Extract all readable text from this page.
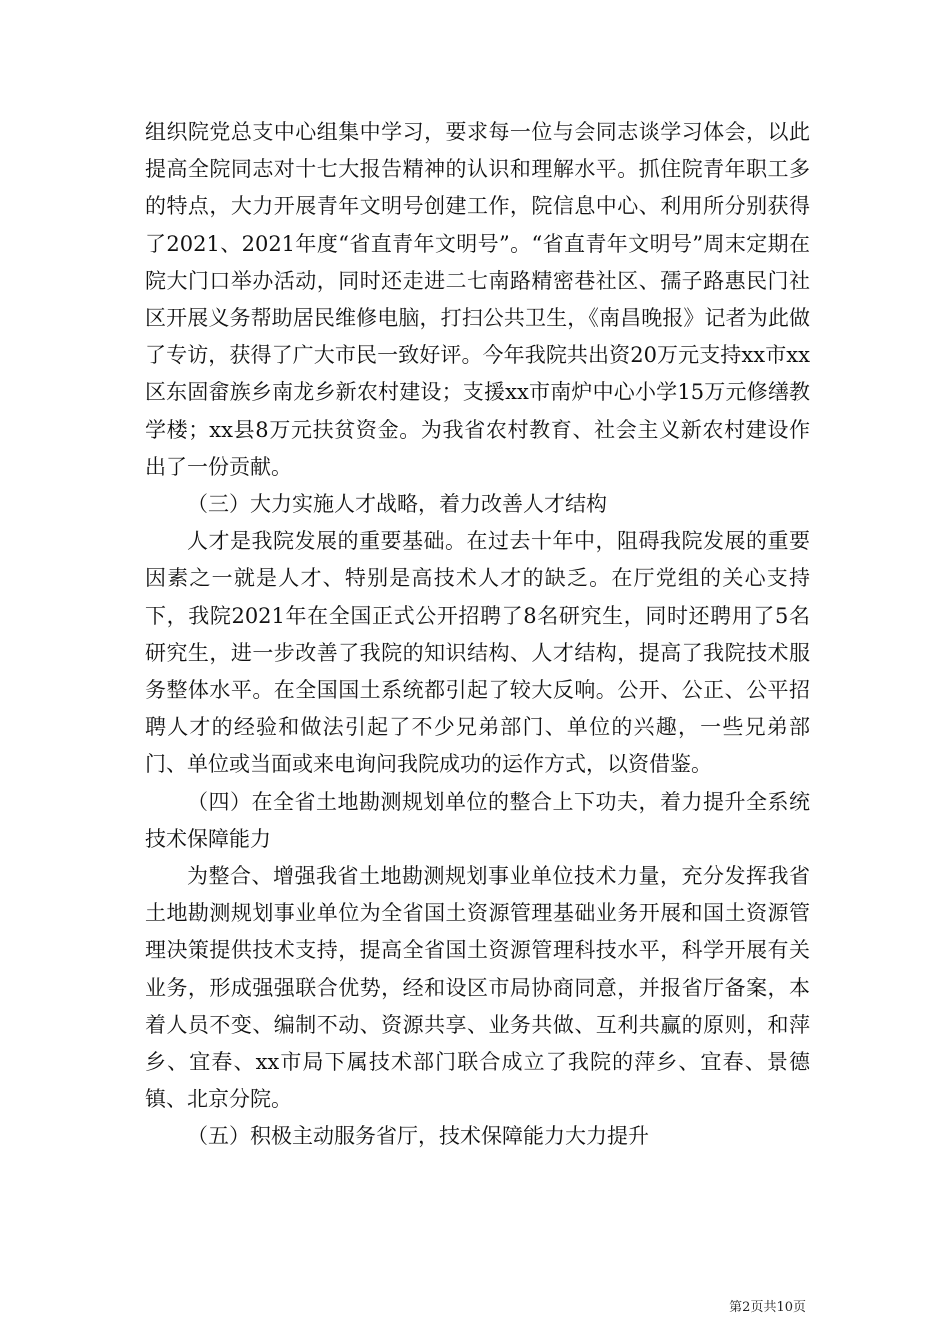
组织院党总支中心组集中学习，要求每一位与会同志谈学习体会，以此提高全院同志对十七大报告精神的认识和理解水平。抓住院青年职工多的特点，大力开展青年文明号创建工作，院信息中心、利用所分别获得了2021、2021年度“省直青年文明号”。“省直青年文明号”周末定期在院大门口举办活动，同时还走进二七南路精密巷社区、孺子路惠民门社区开展义务帮助居民维修电脑，打扫公共卫生，《南昌晚报》记者为此做了专访，获得了广大市民一致好评。今年我院共出资20万元支持xx市xx区东固畲族乡南龙乡新农村建设；支援xx市南炉中心小学15万元修缮教学楼；xx县8万元扶贫资金。为我省农村教育、社会主义新农村建设作出了一份贡献。

（三）大力实施人才战略，着力改善人才结构

人才是我院发展的重要基础。在过去十年中，阻碍我院发展的重要因素之一就是人才、特别是高技术人才的缺乏。在厅党组的关心支持下，我院2021年在全国正式公开招聘了8名研究生，同时还聘用了5名研究生，进一步改善了我院的知识结构、人才结构，提高了我院技术服务整体水平。在全国国土系统都引起了较大反响。公开、公正、公平招聘人才的经验和做法引起了不少兄弟部门、单位的兴趣，一些兄弟部门、单位或当面或来电询问我院成功的运作方式，以资借鉴。

（四）在全省土地勘测规划单位的整合上下功夫，着力提升全系统技术保障能力

为整合、增强我省土地勘测规划事业单位技术力量，充分发挥我省土地勘测规划事业单位为全省国土资源管理基础业务开展和国土资源管理决策提供技术支持，提高全省国土资源管理科技水平，科学开展有关业务，形成强强联合优势，经和设区市局协商同意，并报省厅备案，本着人员不变、编制不动、资源共享、业务共做、互利共赢的原则，和萍乡、宜春、xx市局下属技术部门联合成立了我院的萍乡、宜春、景德镇、北京分院。

（五）积极主动服务省厅，技术保障能力大力提升

第2页共10页
